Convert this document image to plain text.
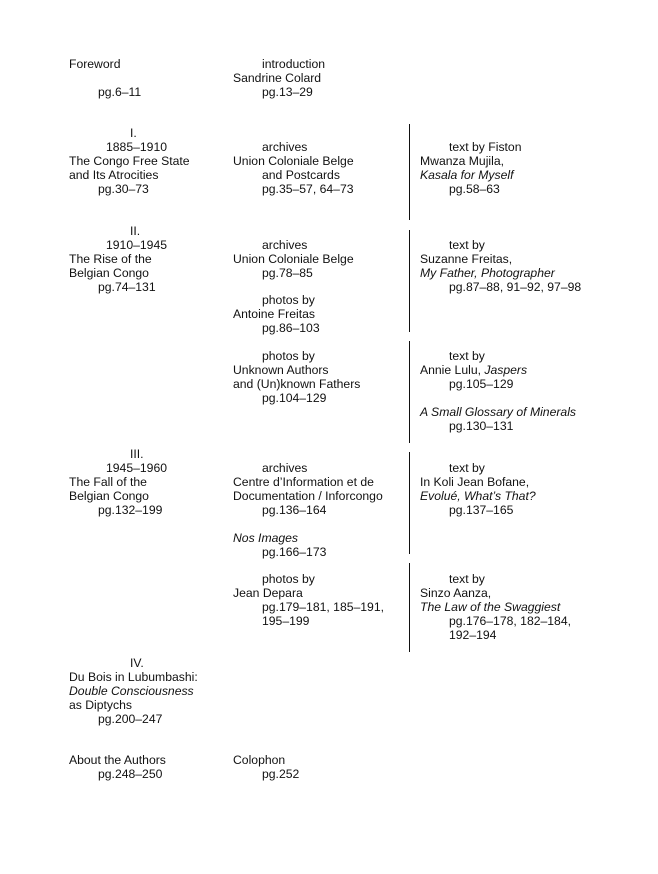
Foreword
pg.6–11
introduction
Sandrine Colard
pg.13–29
I.
1885–1910
The Congo Free State
and Its Atrocities
pg.30–73
archives
Union Coloniale Belge
and Postcards
pg.35–57, 64–73
text by Fiston
Mwanza Mujila,
Kasala for Myself
pg.58–63
II.
1910–1945
The Rise of the
Belgian Congo
pg.74–131
archives
Union Coloniale Belge
pg.78–85
photos by
Antoine Freitas
pg.86–103
text by
Suzanne Freitas,
My Father, Photographer
pg.87–88, 91–92, 97–98
photos by
Unknown Authors
and (Un)known Fathers
pg.104–129
text by
Annie Lulu, Jaspers
pg.105–129
A Small Glossary of Minerals
pg.130–131
III.
1945–1960
The Fall of the
Belgian Congo
pg.132–199
archives
Centre d’Information et de
Documentation / Inforcongo
pg.136–164
Nos Images
pg.166–173
text by
In Koli Jean Bofane,
Evolué, What’s That?
pg.137–165
photos by
Jean Depara
pg.179–181, 185–191,
195–199
text by
Sinzo Aanza,
The Law of the Swaggiest
pg.176–178, 182–184,
192–194
IV.
Du Bois in Lubumbashi:
Double Consciousness
as Diptychs
pg.200–247
About the Authors
pg.248–250
Colophon
pg.252
